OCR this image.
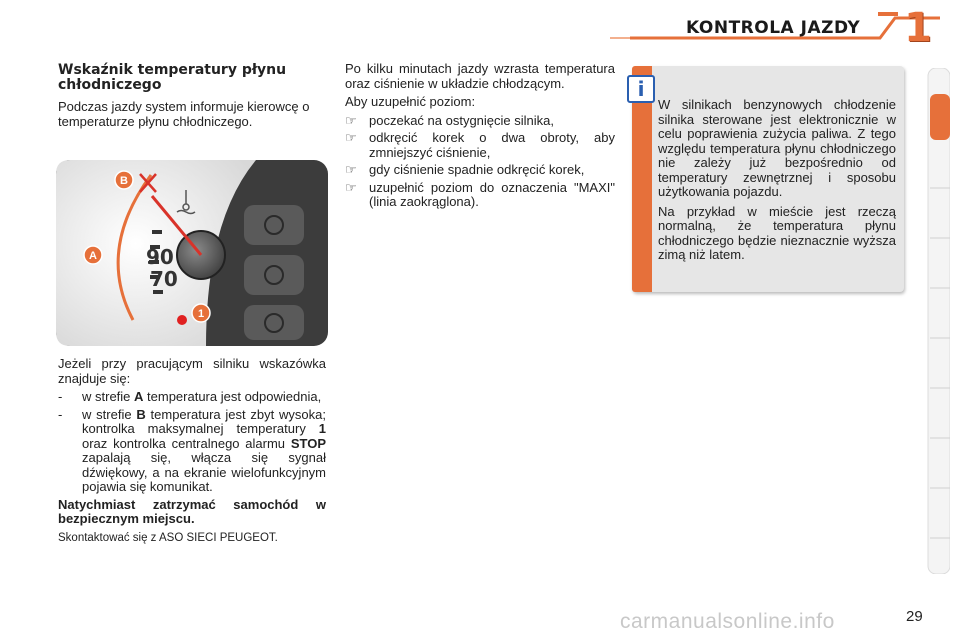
KONTROLA JAZDY 1
Wskaźnik temperatury płynu chłodniczego
Podczas jazdy system informuje kierowcę o temperaturze płynu chłodniczego.
90
70
B
A
1

Jeżeli przy pracującym silniku wskazówka znajduje się:

-	w strefie A temperatura jest odpowiednia,
-	w strefie B temperatura jest zbyt wysoka; kontrolka maksymalnej temperatury 1 oraz kontrolka centralnego alarmu STOP zapalają się, włącza się sygnał dźwiękowy, a na ekranie wielofunkcyjnym pojawia się komunikat.

Natychmiast zatrzymać samochód w bezpiecznym miejscu.

Skontaktować się z ASO SIECI PEUGEOT.

Po kilku minutach jazdy wzrasta temperatura oraz ciśnienie w układzie chłodzącym.

Aby uzupełnić poziom:

☞ poczekać na ostygnięcie silnika,
☞ odkręcić korek o dwa obroty, aby zmniejszyć ciśnienie,
☞ gdy ciśnienie spadnie odkręcić korek,
☞ uzupełnić poziom do oznaczenia "MAXI" (linia zaokrąglona).
i

W silnikach benzynowych chłodzenie silnika sterowane jest elektronicznie w celu poprawienia zużycia paliwa. Z tego względu temperatura płynu chłodniczego nie zależy już bezpośrednio od temperatury zewnętrznej i sposobu użytkowania pojazdu.

Na przykład w mieście jest rzeczą normalną, że temperatura płynu chłodniczego będzie nieznacznie wyższa zimą niż latem.

carmanualsonline.info	29
